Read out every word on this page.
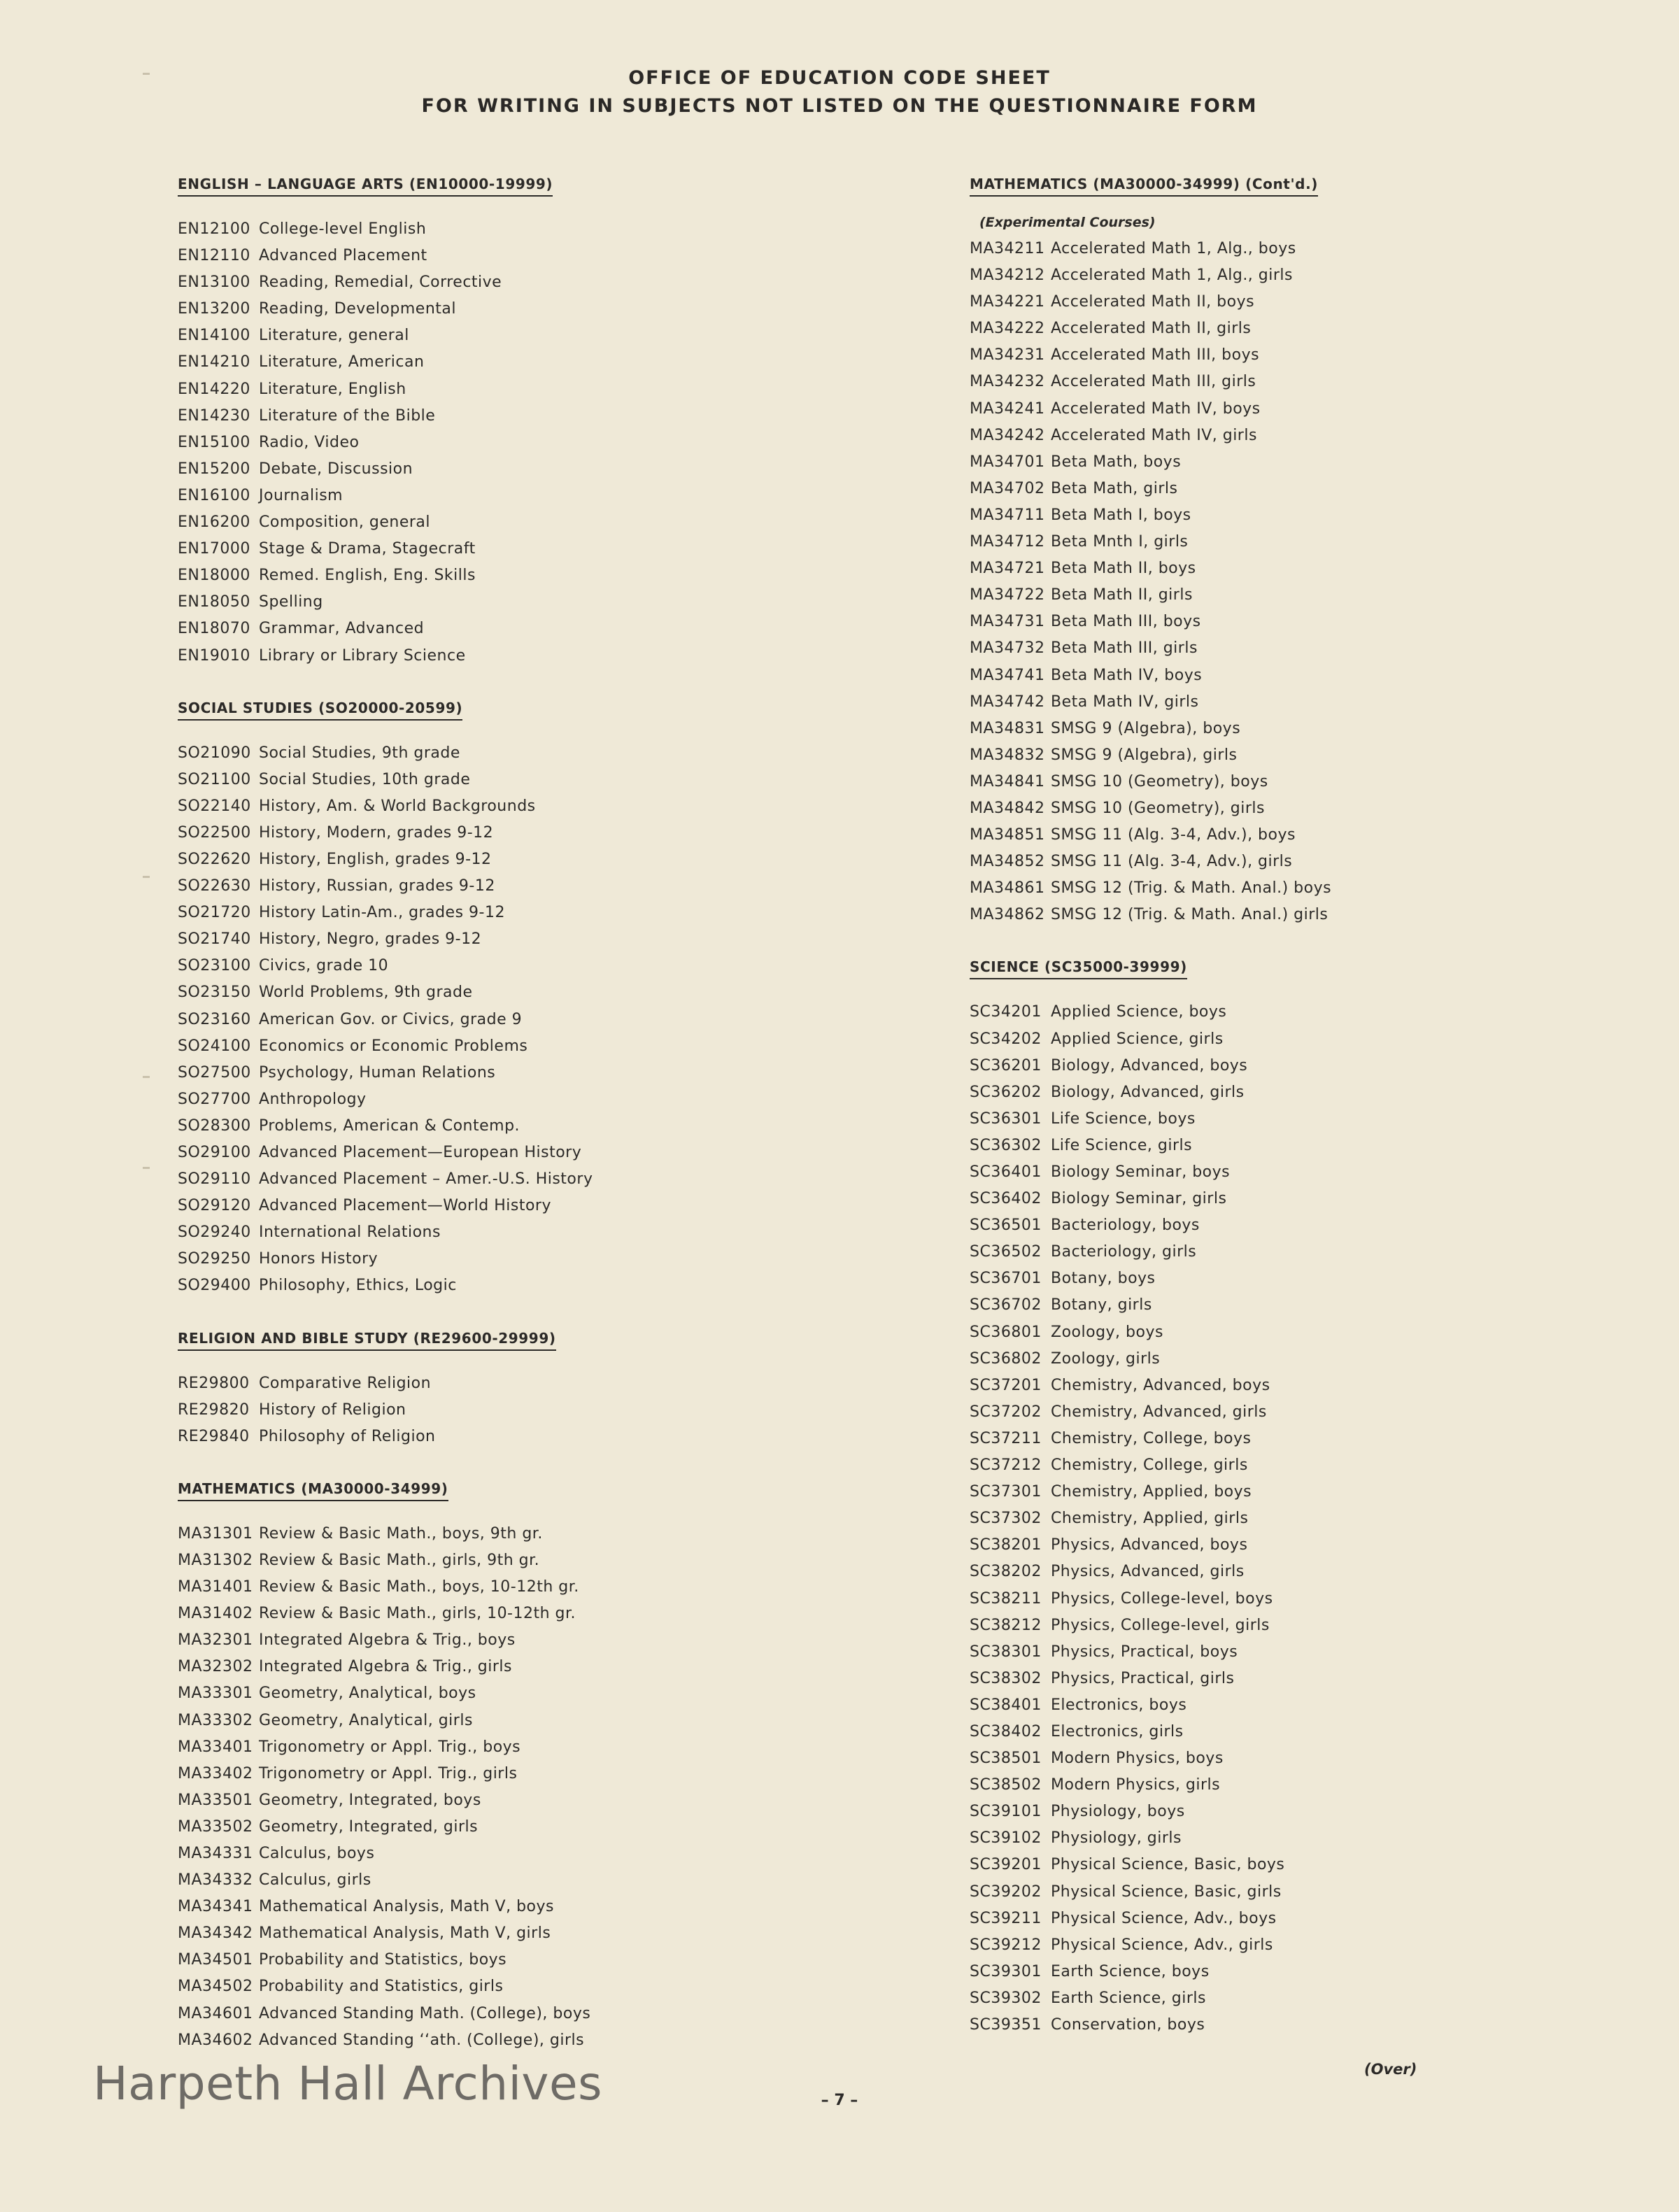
OFFICE OF EDUCATION CODE SHEET
FOR WRITING IN SUBJECTS NOT LISTED ON THE QUESTIONNAIRE FORM
ENGLISH – LANGUAGE ARTS (EN10000-19999)
EN12100 College-level English
EN12110 Advanced Placement
EN13100 Reading, Remedial, Corrective
EN13200 Reading, Developmental
EN14100 Literature, general
EN14210 Literature, American
EN14220 Literature, English
EN14230 Literature of the Bible
EN15100 Radio, Video
EN15200 Debate, Discussion
EN16100 Journalism
EN16200 Composition, general
EN17000 Stage & Drama, Stagecraft
EN18000 Remed. English, Eng. Skills
EN18050 Spelling
EN18070 Grammar, Advanced
EN19010 Library or Library Science
SOCIAL STUDIES (SO20000-20599)
SO21090 Social Studies, 9th grade
SO21100 Social Studies, 10th grade
SO22140 History, Am. & World Backgrounds
SO22500 History, Modern, grades 9-12
SO22620 History, English, grades 9-12
SO22630 History, Russian, grades 9-12
SO21720 History Latin-Am., grades 9-12
SO21740 History, Negro, grades 9-12
SO23100 Civics, grade 10
SO23150 World Problems, 9th grade
SO23160 American Gov. or Civics, grade 9
SO24100 Economics or Economic Problems
SO27500 Psychology, Human Relations
SO27700 Anthropology
SO28300 Problems, American & Contemp.
SO29100 Advanced Placement—European History
SO29110 Advanced Placement – Amer.-U.S. History
SO29120 Advanced Placement—World History
SO29240 International Relations
SO29250 Honors History
SO29400 Philosophy, Ethics, Logic
RELIGION AND BIBLE STUDY (RE29600-29999)
RE29800 Comparative Religion
RE29820 History of Religion
RE29840 Philosophy of Religion
MATHEMATICS (MA30000-34999)
MA31301 Review & Basic Math., boys, 9th gr.
MA31302 Review & Basic Math., girls, 9th gr.
MA31401 Review & Basic Math., boys, 10-12th gr.
MA31402 Review & Basic Math., girls, 10-12th gr.
MA32301 Integrated Algebra & Trig., boys
MA32302 Integrated Algebra & Trig., girls
MA33301 Geometry, Analytical, boys
MA33302 Geometry, Analytical, girls
MA33401 Trigonometry or Appl. Trig., boys
MA33402 Trigonometry or Appl. Trig., girls
MA33501 Geometry, Integrated, boys
MA33502 Geometry, Integrated, girls
MA34331 Calculus, boys
MA34332 Calculus, girls
MA34341 Mathematical Analysis, Math V, boys
MA34342 Mathematical Analysis, Math V, girls
MA34501 Probability and Statistics, boys
MA34502 Probability and Statistics, girls
MA34601 Advanced Standing Math. (College), boys
MA34602 Advanced Standing ‘‘ath. (College), girls
MATHEMATICS (MA30000-34999) (Cont'd.)
(Experimental Courses)
MA34211 Accelerated Math 1, Alg., boys
MA34212 Accelerated Math 1, Alg., girls
MA34221 Accelerated Math II, boys
MA34222 Accelerated Math II, girls
MA34231 Accelerated Math III, boys
MA34232 Accelerated Math III, girls
MA34241 Accelerated Math IV, boys
MA34242 Accelerated Math IV, girls
MA34701 Beta Math, boys
MA34702 Beta Math, girls
MA34711 Beta Math I, boys
MA34712 Beta Mnth I, girls
MA34721 Beta Math II, boys
MA34722 Beta Math II, girls
MA34731 Beta Math III, boys
MA34732 Beta Math III, girls
MA34741 Beta Math IV, boys
MA34742 Beta Math IV, girls
MA34831 SMSG 9 (Algebra), boys
MA34832 SMSG 9 (Algebra), girls
MA34841 SMSG 10 (Geometry), boys
MA34842 SMSG 10 (Geometry), girls
MA34851 SMSG 11 (Alg. 3-4, Adv.), boys
MA34852 SMSG 11 (Alg. 3-4, Adv.), girls
MA34861 SMSG 12 (Trig. & Math. Anal.) boys
MA34862 SMSG 12 (Trig. & Math. Anal.) girls
SCIENCE (SC35000-39999)
SC34201 Applied Science, boys
SC34202 Applied Science, girls
SC36201 Biology, Advanced, boys
SC36202 Biology, Advanced, girls
SC36301 Life Science, boys
SC36302 Life Science, girls
SC36401 Biology Seminar, boys
SC36402 Biology Seminar, girls
SC36501 Bacteriology, boys
SC36502 Bacteriology, girls
SC36701 Botany, boys
SC36702 Botany, girls
SC36801 Zoology, boys
SC36802 Zoology, girls
SC37201 Chemistry, Advanced, boys
SC37202 Chemistry, Advanced, girls
SC37211 Chemistry, College, boys
SC37212 Chemistry, College, girls
SC37301 Chemistry, Applied, boys
SC37302 Chemistry, Applied, girls
SC38201 Physics, Advanced, boys
SC38202 Physics, Advanced, girls
SC38211 Physics, College-level, boys
SC38212 Physics, College-level, girls
SC38301 Physics, Practical, boys
SC38302 Physics, Practical, girls
SC38401 Electronics, boys
SC38402 Electronics, girls
SC38501 Modern Physics, boys
SC38502 Modern Physics, girls
SC39101 Physiology, boys
SC39102 Physiology, girls
SC39201 Physical Science, Basic, boys
SC39202 Physical Science, Basic, girls
SC39211 Physical Science, Adv., boys
SC39212 Physical Science, Adv., girls
SC39301 Earth Science, boys
SC39302 Earth Science, girls
SC39351 Conservation, boys
Harpeth Hall Archives	– 7 –
(Over)
